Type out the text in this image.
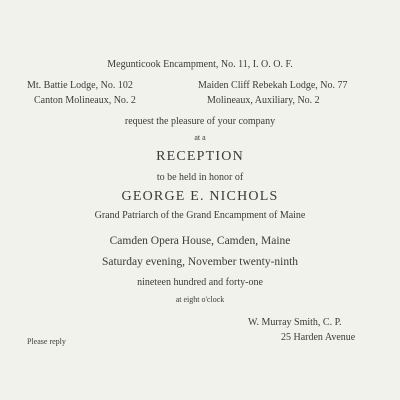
Megunticook Encampment, No. 11, I. O. O. F.
Mt. Battie Lodge, No. 102	Maiden Cliff Rebekah Lodge, No. 77
Canton Molineaux, No. 2	Molineaux, Auxiliary, No. 2
request the pleasure of your company
at a
RECEPTION
to be held in honor of
GEORGE E. NICHOLS
Grand Patriarch of the Grand Encampment of Maine
Camden Opera House, Camden, Maine
Saturday evening, November twenty-ninth
nineteen hundred and forty-one
at eight o'clock
W. Murray Smith, C. P.
25 Harden Avenue
Please reply
